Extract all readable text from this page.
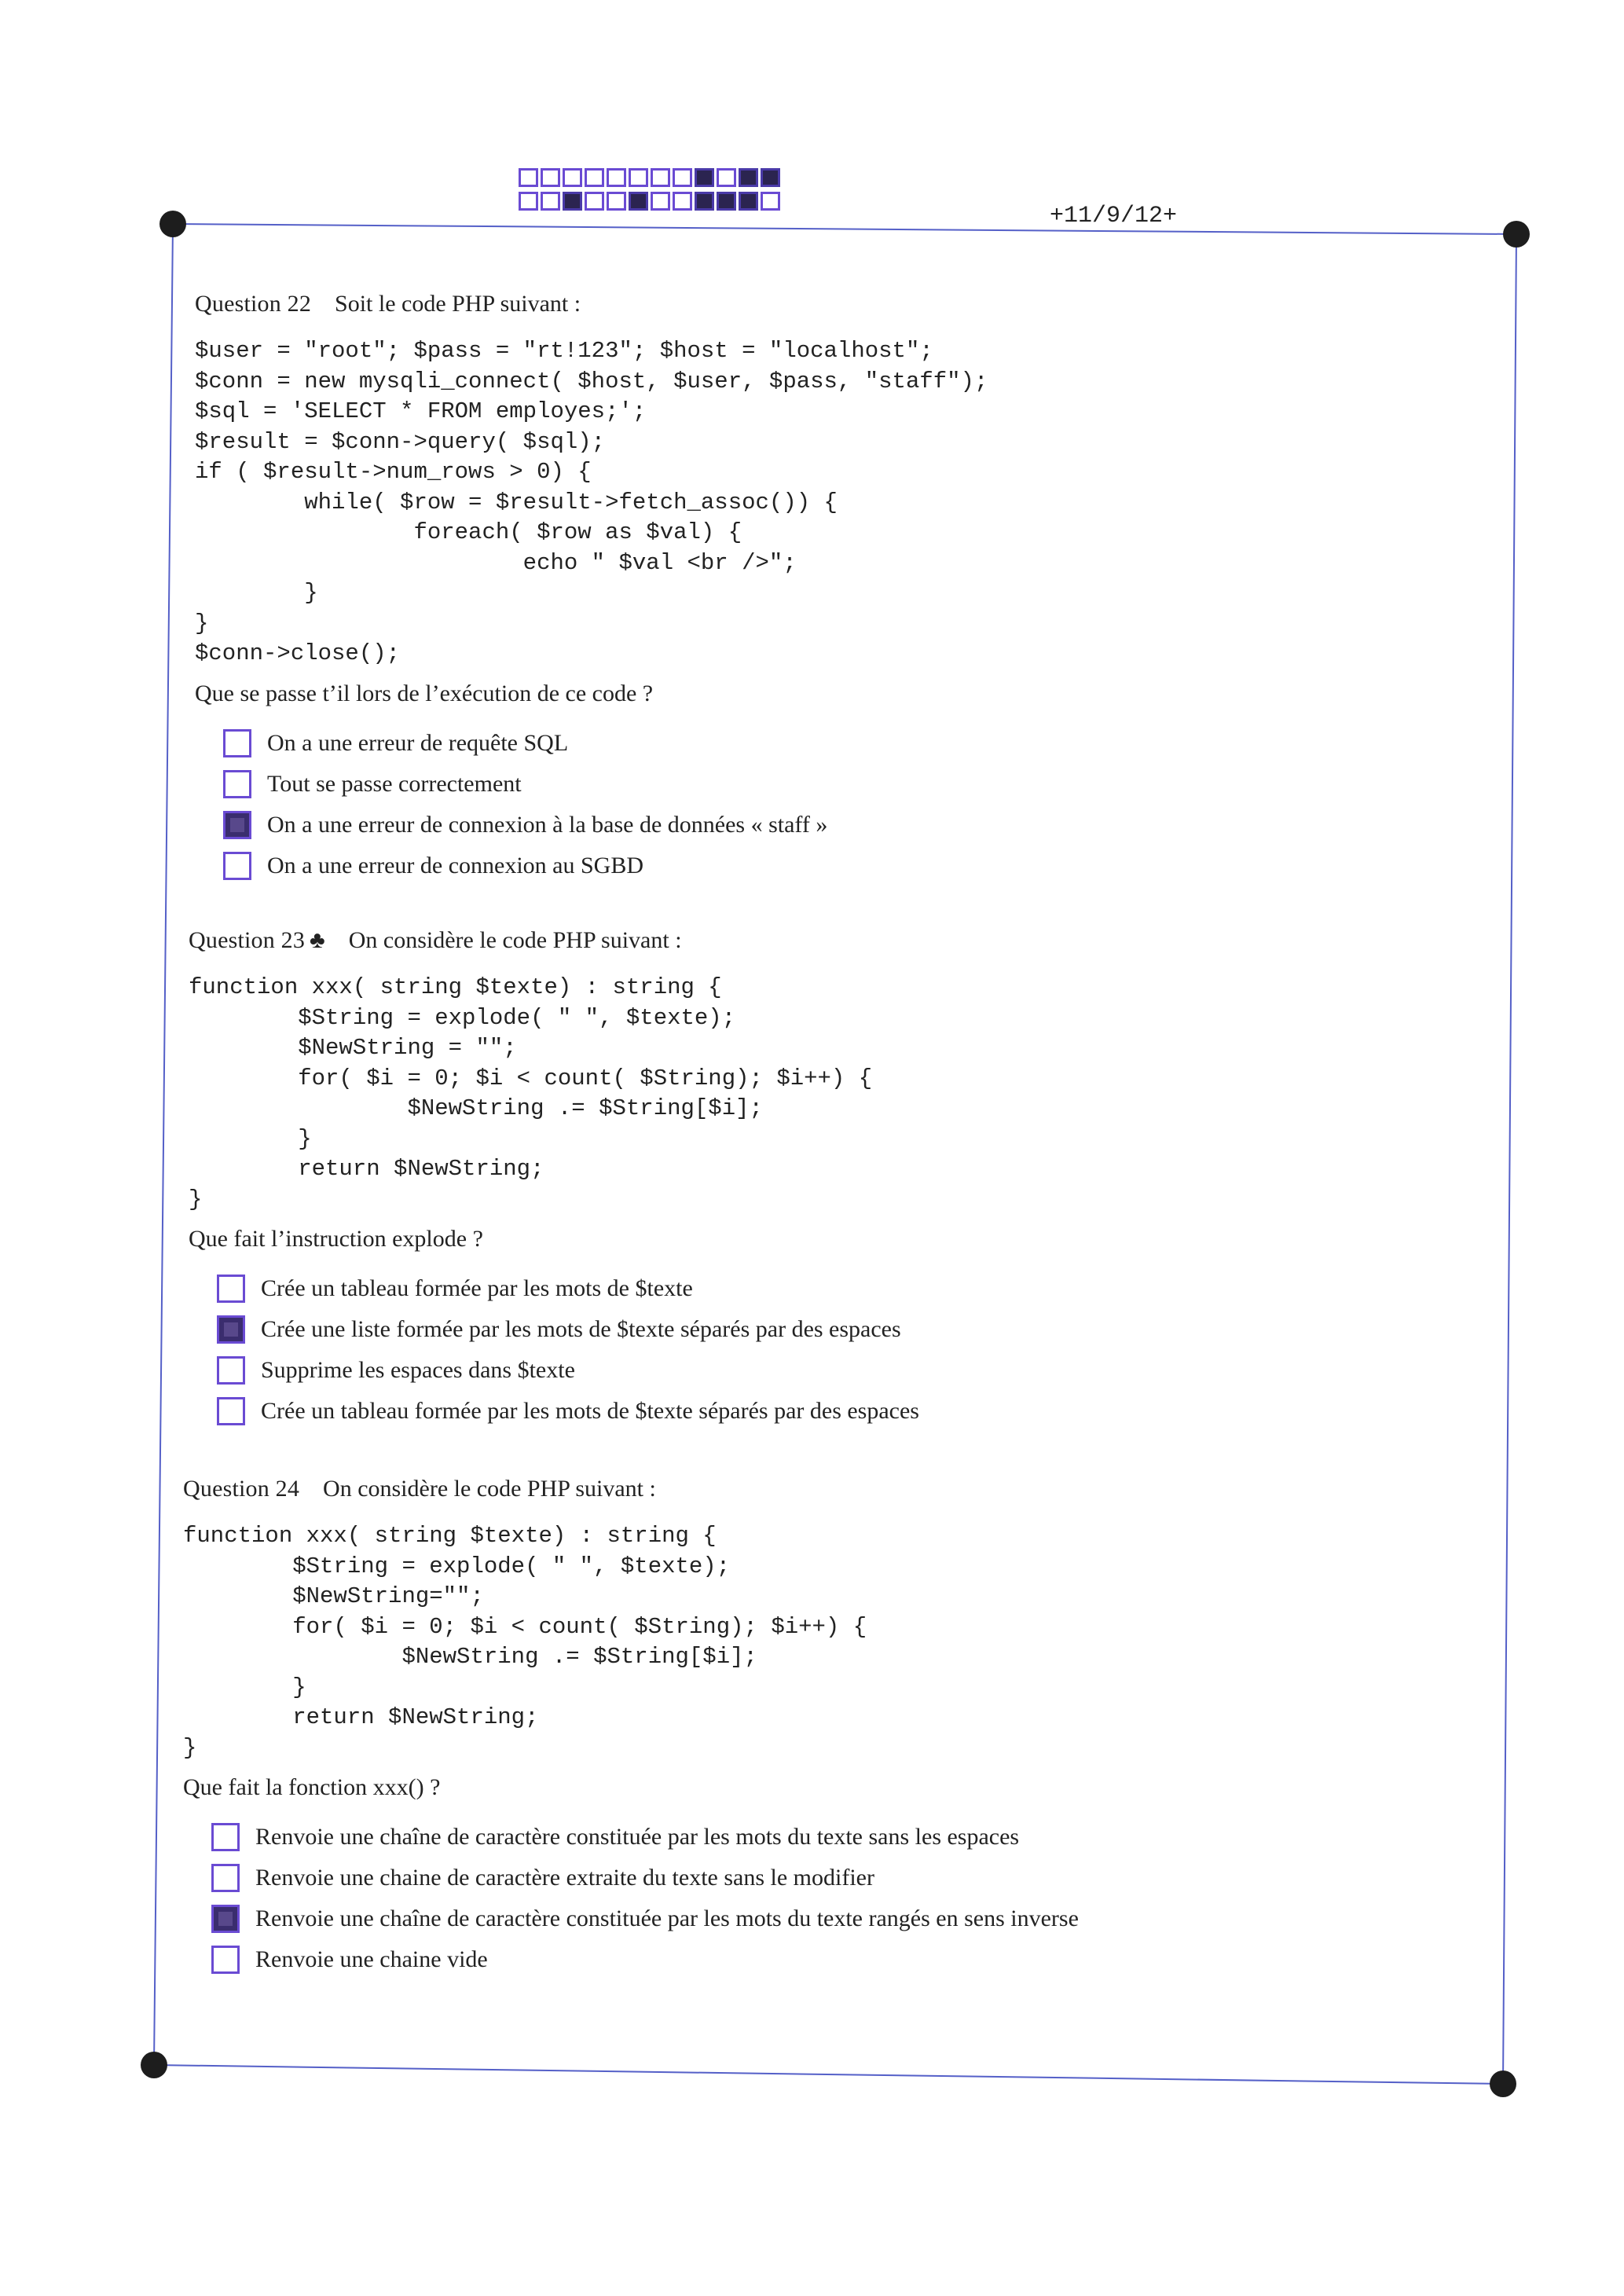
+11/9/12+
Question 22 Soit le code PHP suivant :
$user = "root"; $pass = "rt!123"; $host = "localhost";
$conn = new mysqli_connect( $host, $user, $pass, "staff");
$sql = 'SELECT * FROM employes;';
$result = $conn->query( $sql);
if ( $result->num_rows > 0) {
while( $row = $result->fetch_assoc()) {
foreach( $row as $val) {
echo " $val <br />";
}
}
$conn->close();
Que se passe t’il lors de l’exécution de ce code ?
On a une erreur de requête SQL
Tout se passe correctement
On a une erreur de connexion à la base de données « staff »
On a une erreur de connexion au SGBD
Question 23 ♣ On considère le code PHP suivant :
function xxx( string $texte) : string {
$String = explode( " ", $texte);
$NewString = "";
for( $i = 0; $i < count( $String); $i++) {
$NewString .= $String[$i];
}
return $NewString;
}
Que fait l’instruction explode ?
Crée un tableau formée par les mots de $texte
Crée une liste formée par les mots de $texte séparés par des espaces
Supprime les espaces dans $texte
Crée un tableau formée par les mots de $texte séparés par des espaces
Question 24 On considère le code PHP suivant :
function xxx( string $texte) : string {
$String = explode( " ", $texte);
$NewString="";
for( $i = 0; $i < count( $String); $i++) {
$NewString .= $String[$i];
}
return $NewString;
}
Que fait la fonction xxx() ?
Renvoie une chaîne de caractère constituée par les mots du texte sans les espaces
Renvoie une chaine de caractère extraite du texte sans le modifier
Renvoie une chaîne de caractère constituée par les mots du texte rangés en sens inverse
Renvoie une chaine vide
